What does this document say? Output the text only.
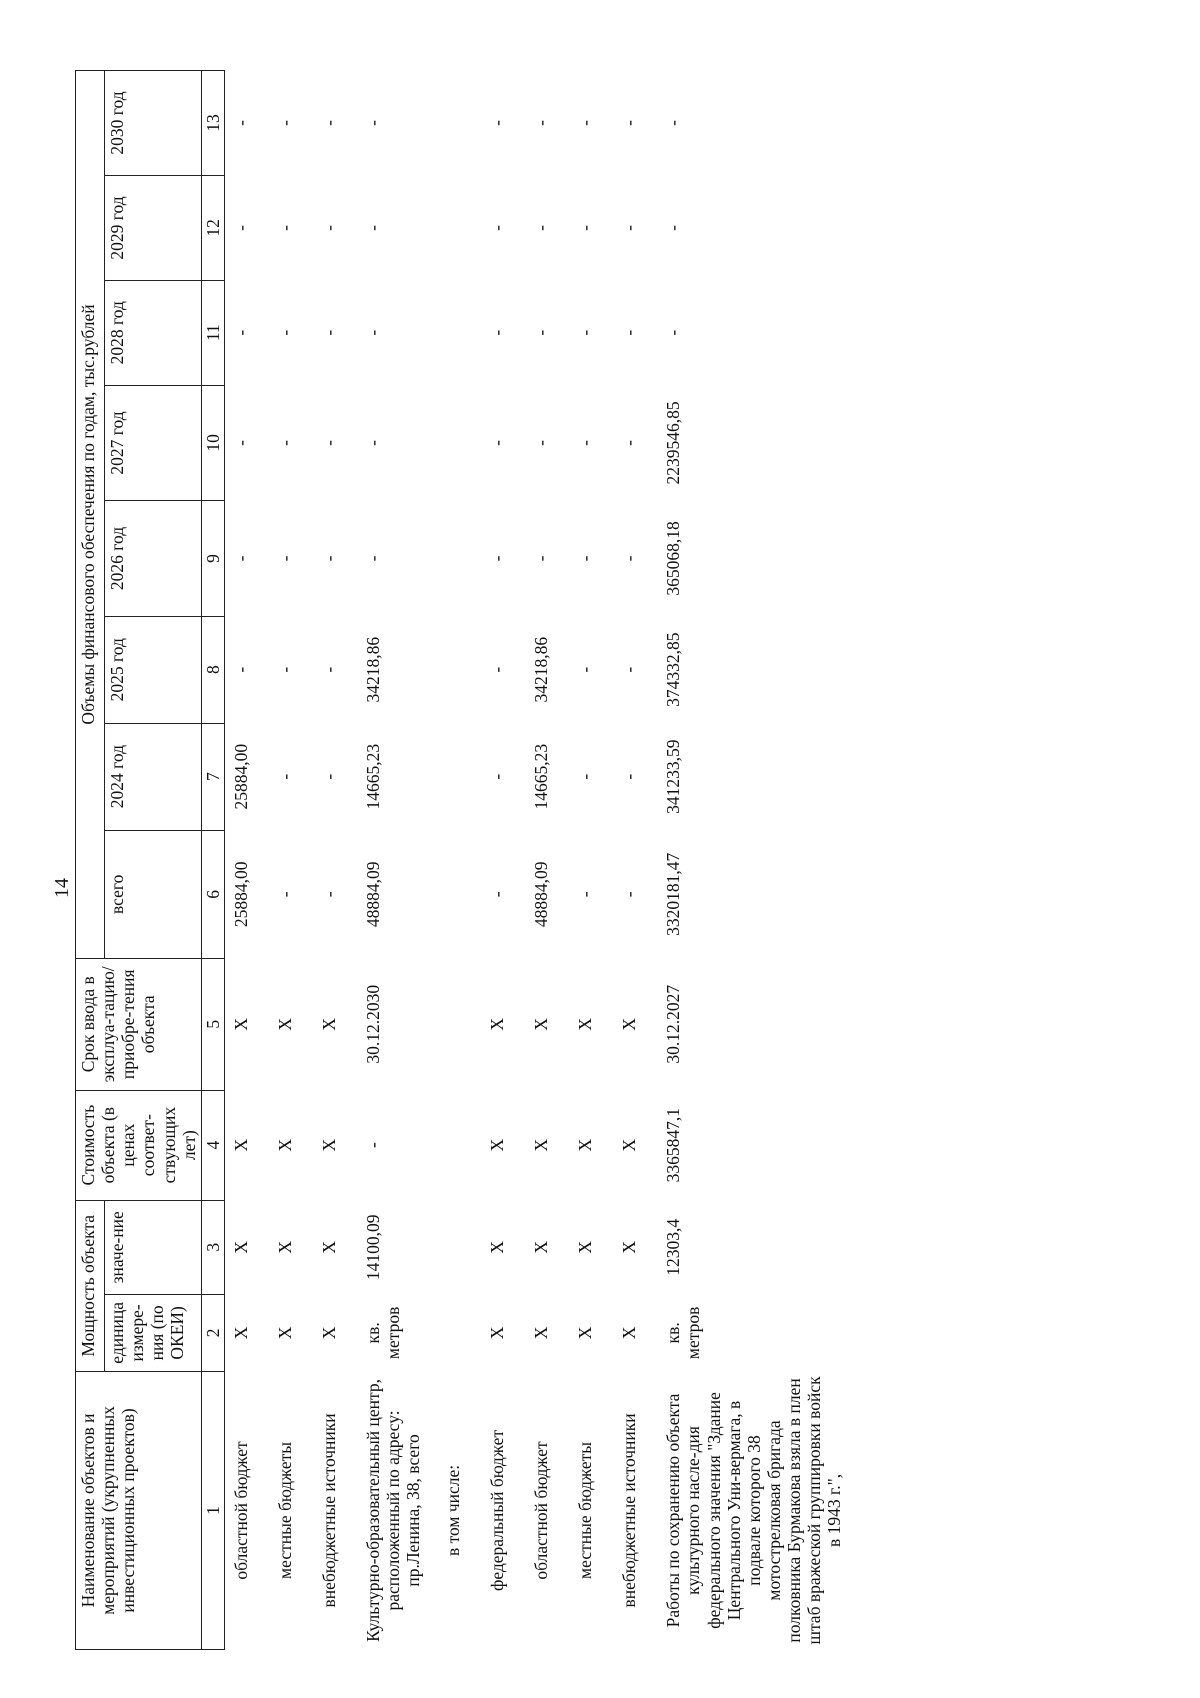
14
Наименование объектов и мероприятий (укрупненных инвестиционных проектов)	Мощность объекта		Стоимость объекта (в ценах соответ-ствующих лет)	Срок ввода в эксплуа-тацию/ приобре-тения объекта	Объемы финансового обеспечения по годам, тыс.рублей							
	единица измере-ния (по ОКЕИ)	значе-ние			всего	2024 год	2025 год	2026 год	2027 год	2028 год	2029 год	2030 год
1	2	3	4	5	6	7	8	9	10	11	12	13
областной бюджет	Х	Х	Х	Х	25884,00	25884,00	-	-	-	-	-	-
местные бюджеты	Х	Х	Х	Х	-	-	-	-	-	-	-	-
внебюджетные источники	Х	Х	Х	Х	-	-	-	-	-	-	-	-
Культурно-образовательный центр, расположенный по адресу: пр.Ленина, 38, всего	кв. метров	14100,09	-	30.12.2030	48884,09	14665,23	34218,86	-	-	-	-	-
в том числе:												
федеральный бюджет	Х	Х	Х	Х	-	-	-	-	-	-	-	-
областной бюджет	Х	Х	Х	Х	48884,09	14665,23	34218,86	-	-	-	-	-
местные бюджеты	Х	Х	Х	Х	-	-	-	-	-	-	-	-
внебюджетные источники	Х	Х	Х	Х	-	-	-	-	-	-	-	-
Работы по сохранению объекта культурного насле-дия федерального значения "Здание Центрального Уни-вермага, в подвале которого 38 мотострелковая бригада полковника Бурмакова взяла в плен штаб вражеской группировки войск в 1943 г.",	кв. метров	12303,4	3365847,1	30.12.2027	3320181,47	341233,59	374332,85	365068,18	2239546,85	-	-	-
